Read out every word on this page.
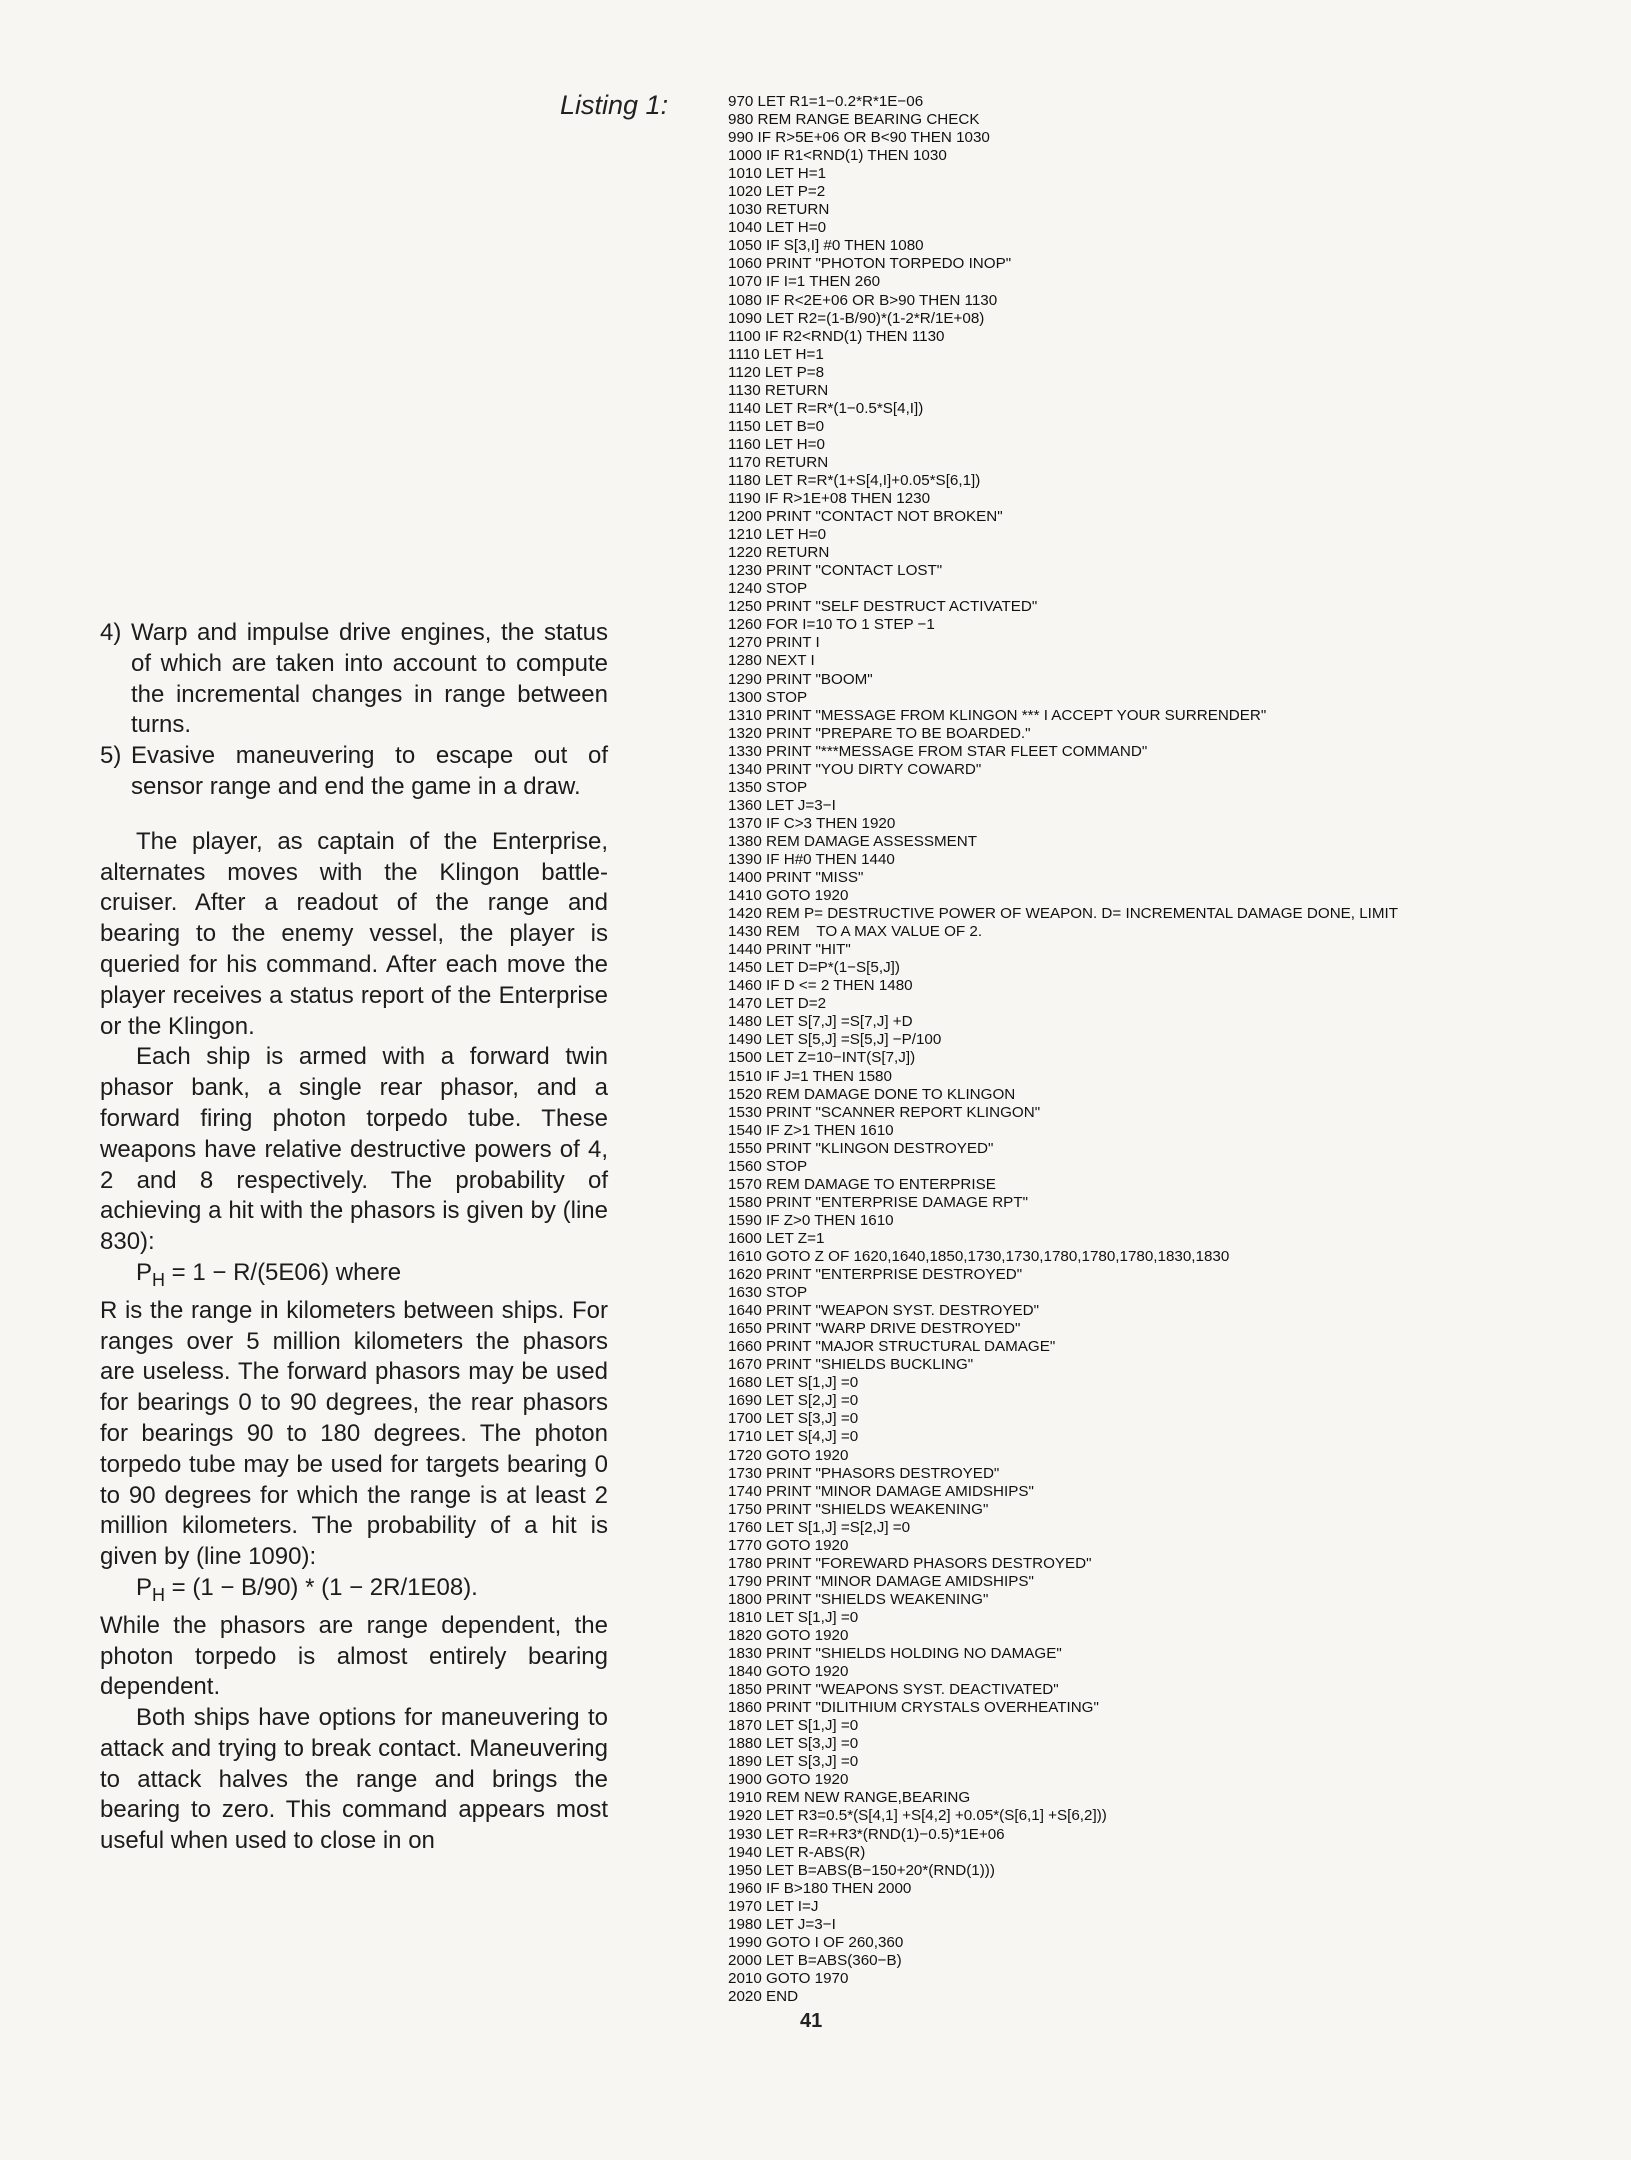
Listing 1:
4) Warp and impulse drive engines, the status of which are taken into account to compute the incremental changes in range between turns.
5) Evasive maneuvering to escape out of sensor range and end the game in a draw.

The player, as captain of the Enterprise, alternates moves with the Klingon battle-cruiser. After a readout of the range and bearing to the enemy vessel, the player is queried for his command. After each move the player receives a status report of the Enterprise or the Klingon.

Each ship is armed with a forward twin phasor bank, a single rear phasor, and a forward firing photon torpedo tube. These weapons have relative destructive powers of 4, 2 and 8 respectively. The probability of achieving a hit with the phasors is given by (line 830):

$P_H = 1 - R/(5E06)$ where

R is the range in kilometers between ships. For ranges over 5 million kilometers the phasors are useless. The forward phasors may be used for bearings 0 to 90 degrees, the rear phasors for bearings 90 to 180 degrees. The photon torpedo tube may be used for targets bearing 0 to 90 degrees for which the range is at least 2 million kilometers. The probability of a hit is given by (line 1090):

$P_H = (1 - B/90) * (1 - 2R/1E08)$.

While the phasors are range dependent, the photon torpedo is almost entirely bearing dependent.

Both ships have options for maneuvering to attack and trying to break contact. Maneuvering to attack halves the range and brings the bearing to zero. This command appears most useful when used to close in on

970 LET R1=1−0.2*R*1E−06
980 REM RANGE BEARING CHECK
990 IF R>5E+06 OR B<90 THEN 1030
1000 IF R1<RND(1) THEN 1030
1010 LET H=1
1020 LET P=2
1030 RETURN
1040 LET H=0
1050 IF S[3,I] #0 THEN 1080
1060 PRINT "PHOTON TORPEDO INOP"
1070 IF I=1 THEN 260
1080 IF R<2E+06 OR B>90 THEN 1130
1090 LET R2=(1-B/90)*(1-2*R/1E+08)
1100 IF R2<RND(1) THEN 1130
1110 LET H=1
1120 LET P=8
1130 RETURN
1140 LET R=R*(1−0.5*S[4,I])
1150 LET B=0
1160 LET H=0
1170 RETURN
1180 LET R=R*(1+S[4,I]+0.05*S[6,1])
1190 IF R>1E+08 THEN 1230
1200 PRINT "CONTACT NOT BROKEN"
1210 LET H=0
1220 RETURN
1230 PRINT "CONTACT LOST"
1240 STOP
1250 PRINT "SELF DESTRUCT ACTIVATED"
1260 FOR I=10 TO 1 STEP −1
1270 PRINT I
1280 NEXT I
1290 PRINT "BOOM"
1300 STOP
1310 PRINT "MESSAGE FROM KLINGON *** I ACCEPT YOUR SURRENDER"
1320 PRINT "PREPARE TO BE BOARDED."
1330 PRINT "***MESSAGE FROM STAR FLEET COMMAND"
1340 PRINT "YOU DIRTY COWARD"
1350 STOP
1360 LET J=3−I
1370 IF C>3 THEN 1920
1380 REM DAMAGE ASSESSMENT
1390 IF H#0 THEN 1440
1400 PRINT "MISS"
1410 GOTO 1920
1420 REM P= DESTRUCTIVE POWER OF WEAPON. D= INCREMENTAL DAMAGE DONE, LIMIT
1430 REM    TO A MAX VALUE OF 2.
1440 PRINT "HIT"
1450 LET D=P*(1−S[5,J])
1460 IF D <= 2 THEN 1480
1470 LET D=2
1480 LET S[7,J] =S[7,J] +D
1490 LET S[5,J] =S[5,J] −P/100
1500 LET Z=10−INT(S[7,J])
1510 IF J=1 THEN 1580
1520 REM DAMAGE DONE TO KLINGON
1530 PRINT "SCANNER REPORT KLINGON"
1540 IF Z>1 THEN 1610
1550 PRINT "KLINGON DESTROYED"
1560 STOP
1570 REM DAMAGE TO ENTERPRISE
1580 PRINT "ENTERPRISE DAMAGE RPT"
1590 IF Z>0 THEN 1610
1600 LET Z=1
1610 GOTO Z OF 1620,1640,1850,1730,1730,1780,1780,1780,1830,1830
1620 PRINT "ENTERPRISE DESTROYED"
1630 STOP
1640 PRINT "WEAPON SYST. DESTROYED"
1650 PRINT "WARP DRIVE DESTROYED"
1660 PRINT "MAJOR STRUCTURAL DAMAGE"
1670 PRINT "SHIELDS BUCKLING"
1680 LET S[1,J] =0
1690 LET S[2,J] =0
1700 LET S[3,J] =0
1710 LET S[4,J] =0
1720 GOTO 1920
1730 PRINT "PHASORS DESTROYED"
1740 PRINT "MINOR DAMAGE AMIDSHIPS"
1750 PRINT "SHIELDS WEAKENING"
1760 LET S[1,J] =S[2,J] =0
1770 GOTO 1920
1780 PRINT "FOREWARD PHASORS DESTROYED"
1790 PRINT "MINOR DAMAGE AMIDSHIPS"
1800 PRINT "SHIELDS WEAKENING"
1810 LET S[1,J] =0
1820 GOTO 1920
1830 PRINT "SHIELDS HOLDING NO DAMAGE"
1840 GOTO 1920
1850 PRINT "WEAPONS SYST. DEACTIVATED"
1860 PRINT "DILITHIUM CRYSTALS OVERHEATING"
1870 LET S[1,J] =0
1880 LET S[3,J] =0
1890 LET S[3,J] =0
1900 GOTO 1920
1910 REM NEW RANGE,BEARING
1920 LET R3=0.5*(S[4,1] +S[4,2] +0.05*(S[6,1] +S[6,2]))
1930 LET R=R+R3*(RND(1)−0.5)*1E+06
1940 LET R-ABS(R)
1950 LET B=ABS(B−150+20*(RND(1)))
1960 IF B>180 THEN 2000
1970 LET I=J
1980 LET J=3−I
1990 GOTO I OF 260,360
2000 LET B=ABS(360−B)
2010 GOTO 1970
2020 END
41
